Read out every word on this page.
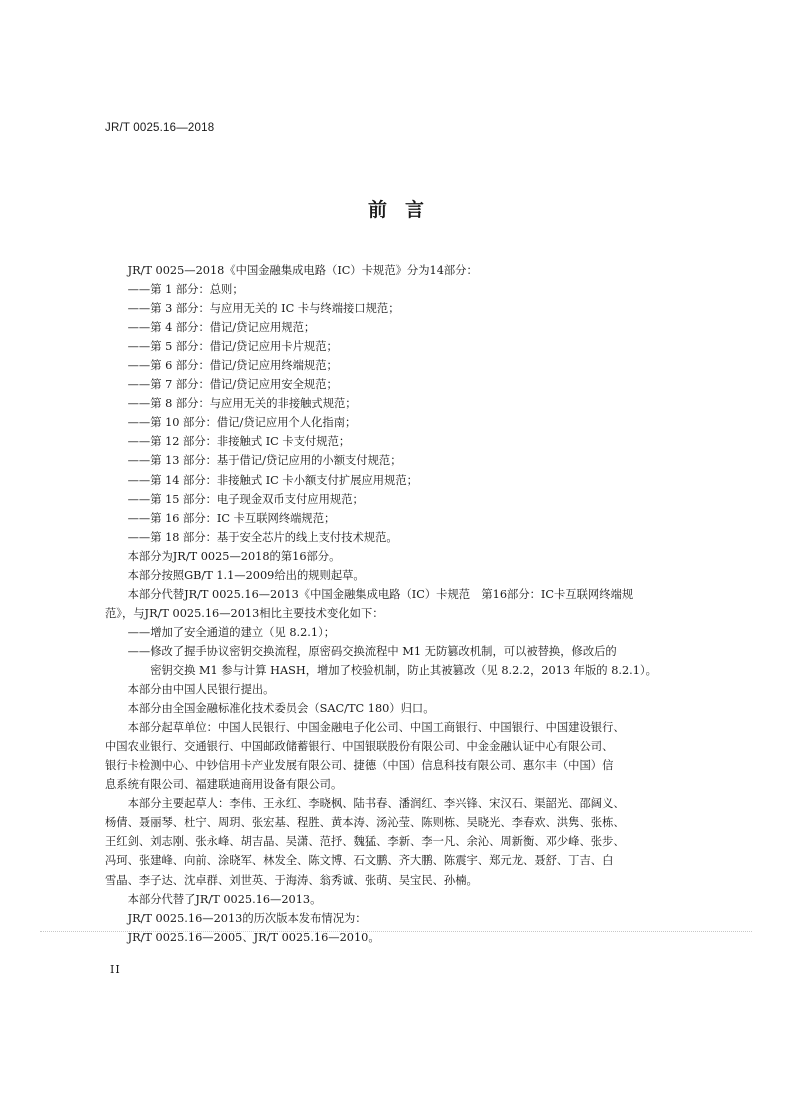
JR/T 0025.16—2018
前言

JR/T 0025—2018《中国金融集成电路（IC）卡规范》分为14部分：

——第 1 部分：总则；

——第 3 部分：与应用无关的 IC 卡与终端接口规范；

——第 4 部分：借记/贷记应用规范；

——第 5 部分：借记/贷记应用卡片规范；

——第 6 部分：借记/贷记应用终端规范；

——第 7 部分：借记/贷记应用安全规范；

——第 8 部分：与应用无关的非接触式规范；

——第 10 部分：借记/贷记应用个人化指南；

——第 12 部分：非接触式 IC 卡支付规范；

——第 13 部分：基于借记/贷记应用的小额支付规范；

——第 14 部分：非接触式 IC 卡小额支付扩展应用规范；

——第 15 部分：电子现金双币支付应用规范；

——第 16 部分：IC 卡互联网终端规范；

——第 18 部分：基于安全芯片的线上支付技术规范。

本部分为JR/T 0025—2018的第16部分。

本部分按照GB/T 1.1—2009给出的规则起草。

本部分代替JR/T 0025.16—2013《中国金融集成电路（IC）卡规范　第16部分：IC卡互联网终端规

范》，与JR/T 0025.16—2013相比主要技术变化如下：

——增加了安全通道的建立（见 8.2.1）；

——修改了握手协议密钥交换流程，原密码交换流程中 M1 无防篡改机制，可以被替换，修改后的

密钥交换 M1 参与计算 HASH，增加了校验机制，防止其被篡改（见 8.2.2，2013 年版的 8.2.1）。

本部分由中国人民银行提出。

本部分由全国金融标准化技术委员会（SAC/TC 180）归口。

本部分起草单位：中国人民银行、中国金融电子化公司、中国工商银行、中国银行、中国建设银行、

中国农业银行、交通银行、中国邮政储蓄银行、中国银联股份有限公司、中金金融认证中心有限公司、

银行卡检测中心、中钞信用卡产业发展有限公司、捷德（中国）信息科技有限公司、惠尔丰（中国）信

息系统有限公司、福建联迪商用设备有限公司。

本部分主要起草人：李伟、王永红、李晓枫、陆书春、潘润红、李兴锋、宋汉石、渠韶光、邵阔义、

杨倩、聂丽琴、杜宁、周玥、张宏基、程胜、黄本涛、汤沁莹、陈则栋、吴晓光、李春欢、洪隽、张栋、

王红剑、刘志刚、张永峰、胡吉晶、吴潇、范抒、魏猛、李新、李一凡、余沁、周新衡、邓少峰、张步、

冯珂、张建峰、向前、涂晓军、林发全、陈文博、石文鹏、齐大鹏、陈震宇、郑元龙、聂舒、丁吉、白

雪晶、李子达、沈卓群、刘世英、于海涛、翁秀诚、张萌、吴宝民、孙楠。

本部分代替了JR/T 0025.16—2013。

JR/T 0025.16—2013的历次版本发布情况为：

JR/T 0025.16—2005、JR/T 0025.16—2010。

II
